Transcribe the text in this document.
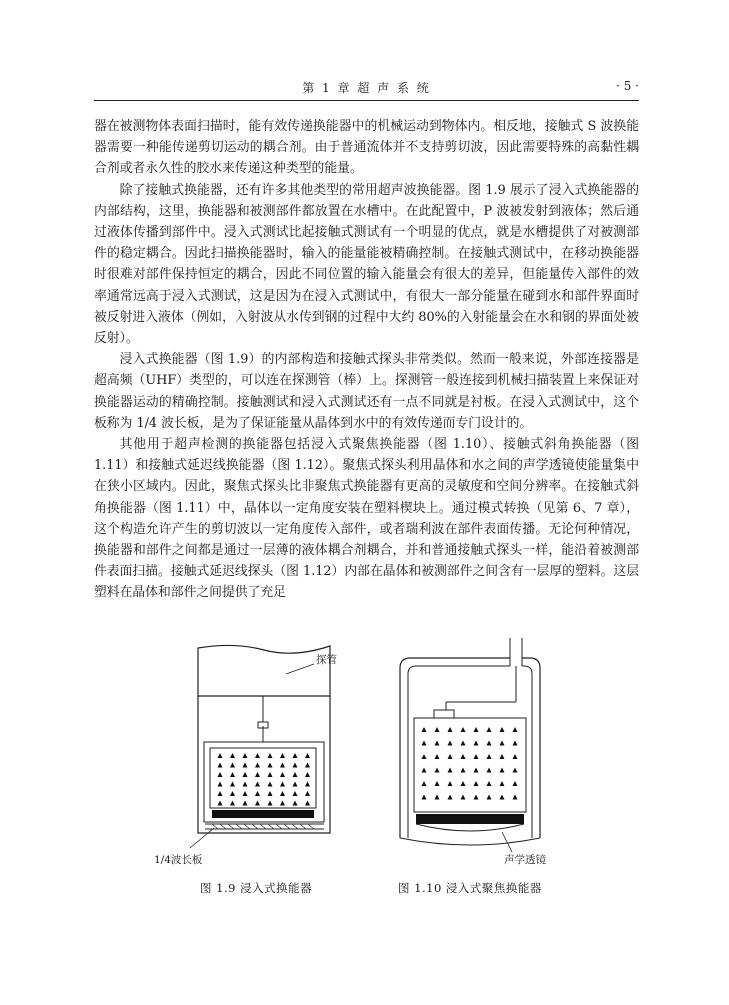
第 1 章 超 声 系 统	· 5 ·

器在被测物体表面扫描时，能有效传递换能器中的机械运动到物体内。相反地，接触式 S 波换能器需要一种能传递剪切运动的耦合剂。由于普通流体并不支持剪切波，因此需要特殊的高黏性耦合剂或者永久性的胶水来传递这种类型的能量。

除了接触式换能器，还有许多其他类型的常用超声波换能器。图 1.9 展示了浸入式换能器的内部结构，这里，换能器和被测部件都放置在水槽中。在此配置中，P 波被发射到液体；然后通过液体传播到部件中。浸入式测试比起接触式测试有一个明显的优点，就是水槽提供了对被测部件的稳定耦合。因此扫描换能器时，输入的能量能被精确控制。在接触式测试中，在移动换能器时很难对部件保持恒定的耦合，因此不同位置的输入能量会有很大的差异，但能量传入部件的效率通常远高于浸入式测试，这是因为在浸入式测试中，有很大一部分能量在碰到水和部件界面时被反射进入液体（例如，入射波从水传到钢的过程中大约 80%的入射能量会在水和钢的界面处被反射）。

浸入式换能器（图 1.9）的内部构造和接触式探头非常类似。然而一般来说，外部连接器是超高频（UHF）类型的，可以连在探测管（棒）上。探测管一般连接到机械扫描装置上来保证对换能器运动的精确控制。接触测试和浸入式测试还有一点不同就是衬板。在浸入式测试中，这个板称为 1/4 波长板，是为了保证能量从晶体到水中的有效传递而专门设计的。

其他用于超声检测的换能器包括浸入式聚焦换能器（图 1.10）、接触式斜角换能器（图 1.11）和接触式延迟线换能器（图 1.12）。聚焦式探头利用晶体和水之间的声学透镜使能量集中在狭小区域内。因此，聚焦式探头比非聚焦式换能器有更高的灵敏度和空间分辨率。在接触式斜角换能器（图 1.11）中，晶体以一定角度安装在塑料楔块上。通过模式转换（见第 6、7 章），这个构造允许产生的剪切波以一定角度传入部件，或者瑞利波在部件表面传播。无论何种情况，换能器和部件之间都是通过一层薄的液体耦合剂耦合，并和普通接触式探头一样，能沿着被测部件表面扫描。接触式延迟线探头（图 1.12）内部在晶体和被测部件之间含有一层厚的塑料。这层塑料在晶体和部件之间提供了充足

探管
1/4波长板
图 1.9 浸入式换能器
声学透镜
图 1.10 浸入式聚焦换能器
